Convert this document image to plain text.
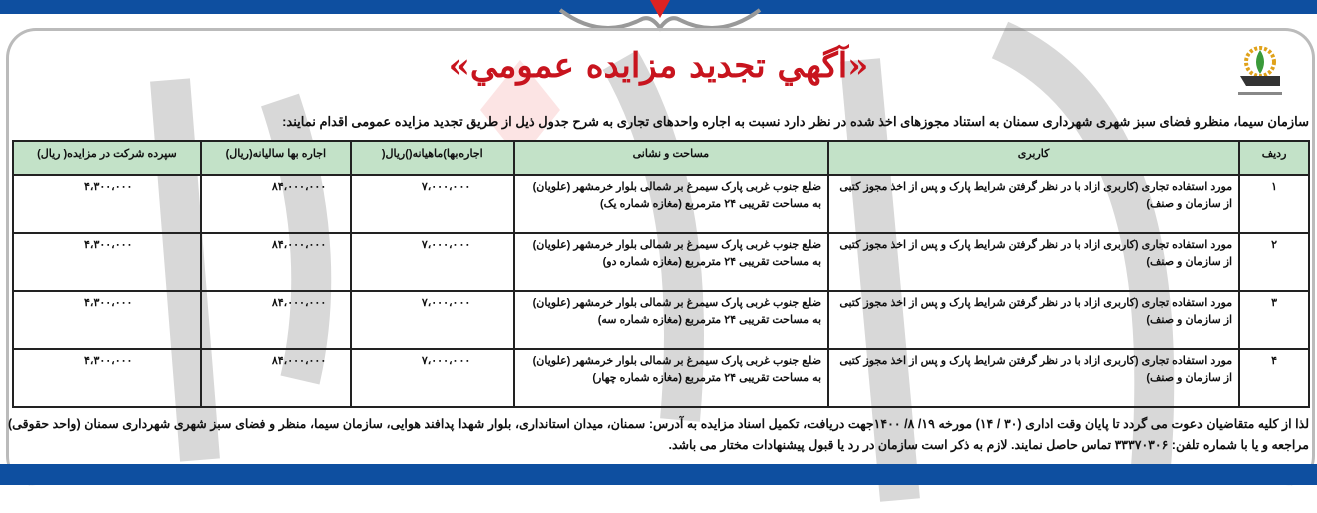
«آگهي تجديد مزايده عمومي»
سازمان سیما، منظرو فضای سبز شهری شهرداری سمنان به استناد مجوزهای اخذ شده در نظر دارد نسبت به اجاره واحدهای تجاری به شرح جدول ذیل از طریق تجدید مزایده عمومی اقدام نمایند:
ردیف	کاربری	مساحت و نشانی	اجاره‌بها)ماهیانه()ریال(	اجاره بها سالیانه(ریال)	سپرده شرکت در مزایده( ریال)
۱	مورد استفاده تجاری (کاربری ازاد با در نظر گرفتن شرایط پارک و پس از اخذ مجوز کتبی از سازمان و صنف)	ضلع جنوب غربی پارک سیمرغ بر شمالی بلوار خرمشهر (علویان) به مساحت تقریبی ۲۴ مترمربع (مغازه شماره یک)	۷،۰۰۰،۰۰۰	۸۴،۰۰۰،۰۰۰	۴،۳۰۰،۰۰۰
۲	مورد استفاده تجاری (کاربری ازاد با در نظر گرفتن شرایط پارک و پس از اخذ مجوز کتبی از سازمان و صنف)	ضلع جنوب غربی پارک سیمرغ بر شمالی بلوار خرمشهر (علویان) به مساحت تقریبی ۲۴ مترمربع (مغازه شماره دو)	۷،۰۰۰،۰۰۰	۸۴،۰۰۰،۰۰۰	۴،۳۰۰،۰۰۰
۳	مورد استفاده تجاری (کاربری ازاد با در نظر گرفتن شرایط پارک و پس از اخذ مجوز کتبی از سازمان و صنف)	ضلع جنوب غربی پارک سیمرغ بر شمالی بلوار خرمشهر (علویان) به مساحت تقریبی ۲۴ مترمربع (مغازه شماره سه)	۷،۰۰۰،۰۰۰	۸۴،۰۰۰،۰۰۰	۴،۳۰۰،۰۰۰
۴	مورد استفاده تجاری (کاربری ازاد با در نظر گرفتن شرایط پارک و پس از اخذ مجوز کتبی از سازمان و صنف)	ضلع جنوب غربی پارک سیمرغ بر شمالی بلوار خرمشهر (علویان) به مساحت تقریبی ۲۴ مترمربع (مغازه شماره چهار)	۷،۰۰۰،۰۰۰	۸۴،۰۰۰،۰۰۰	۴،۳۰۰،۰۰۰
لذا از کلیه متقاضیان دعوت می گردد تا پایان وقت اداری (۳۰ / ۱۴) مورخه ۱۹/ ۸/ ۱۴۰۰جهت دریافت، تکمیل اسناد مزایده به آدرس: سمنان، میدان استانداری، بلوار شهدا پدافند هوایی، سازمان سیما، منظر و فضای سبز شهری شهرداری سمنان (واحد حقوقی) مراجعه و یا با شماره تلفن: ۳۳۳۷۰۳۰۶ تماس حاصل نمایند. لازم به ذکر است سازمان در رد یا قبول پیشنهادات مختار می باشد.
